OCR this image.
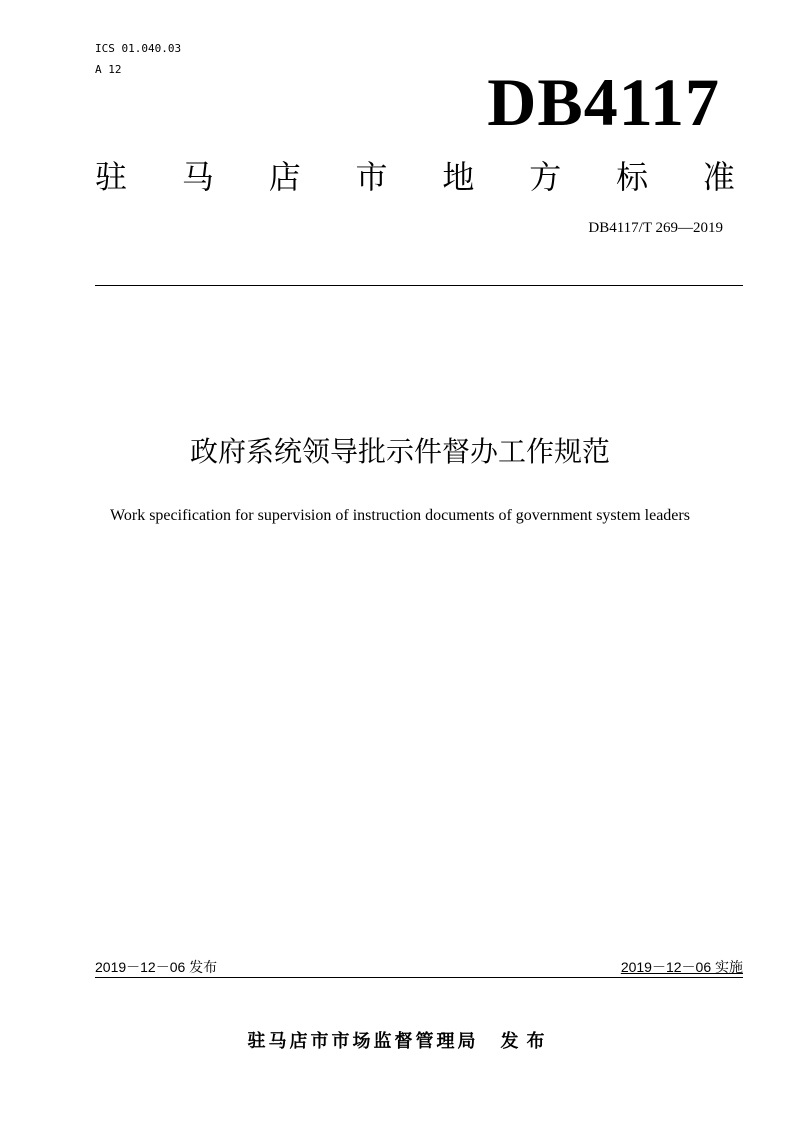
ICS 01.040.03
A 12	DB4117
驻 马 店 市 地 方 标 准
DB4117/T 269—2019
政府系统领导批示件督办工作规范
Work specification for supervision of instruction documents of government system leaders
2019－12－06 发布	2019－12－06 实施
驻马店市市场监督管理局 发布
